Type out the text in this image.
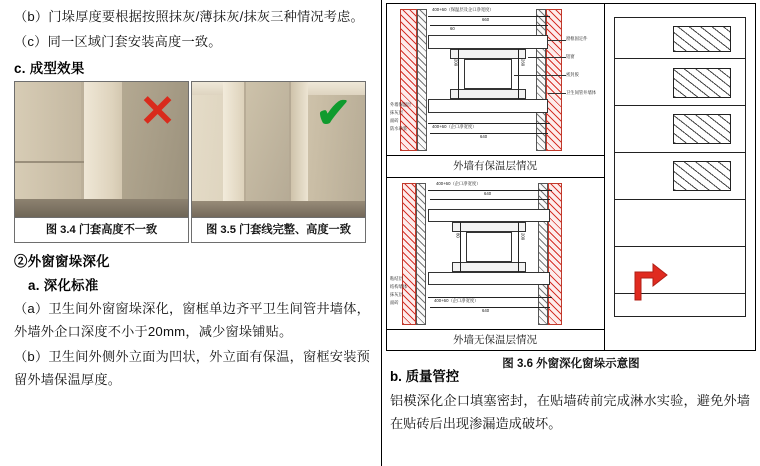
（b）门垛厚度要根据按照抹灰/薄抹灰/抹灰三种情况考虑。

（c）同一区域门套安装高度一致。

c. 成型效果
✕	✔
图 3.4 门套高度不一致	图 3.5 门套线完整、高度一致
②外窗窗垛深化
a. 深化标准

（a）卫生间外窗窗垛深化，窗框单边齐平卫生间管井墙体，外墙外企口深度不小于20mm，减少窗垛铺贴。

（b）卫生间外侧外立面为凹状，外立面有保温，窗框安装预留外墙保温厚度。

400+60（保温层及企口净宽度）
660
60
200	260
400+60（企口净宽度）
640
窗框固定件
铝窗
密封胶
卫生间管井墙体
外墙保温层
抹灰层
面砖
防水砂浆
外墙有保温层情况
400+60（企口净宽度）
640
80	200
400+60（企口净宽度）
640
粘结层
结构墙体
抹灰层
面砖
外墙无保温层情况
图 3.6 外窗深化窗垛示意图
b. 质量管控
铝模深化企口填塞密封，在贴墙砖前完成淋水实验，避免外墙在贴砖后出现渗漏造成破坏。
